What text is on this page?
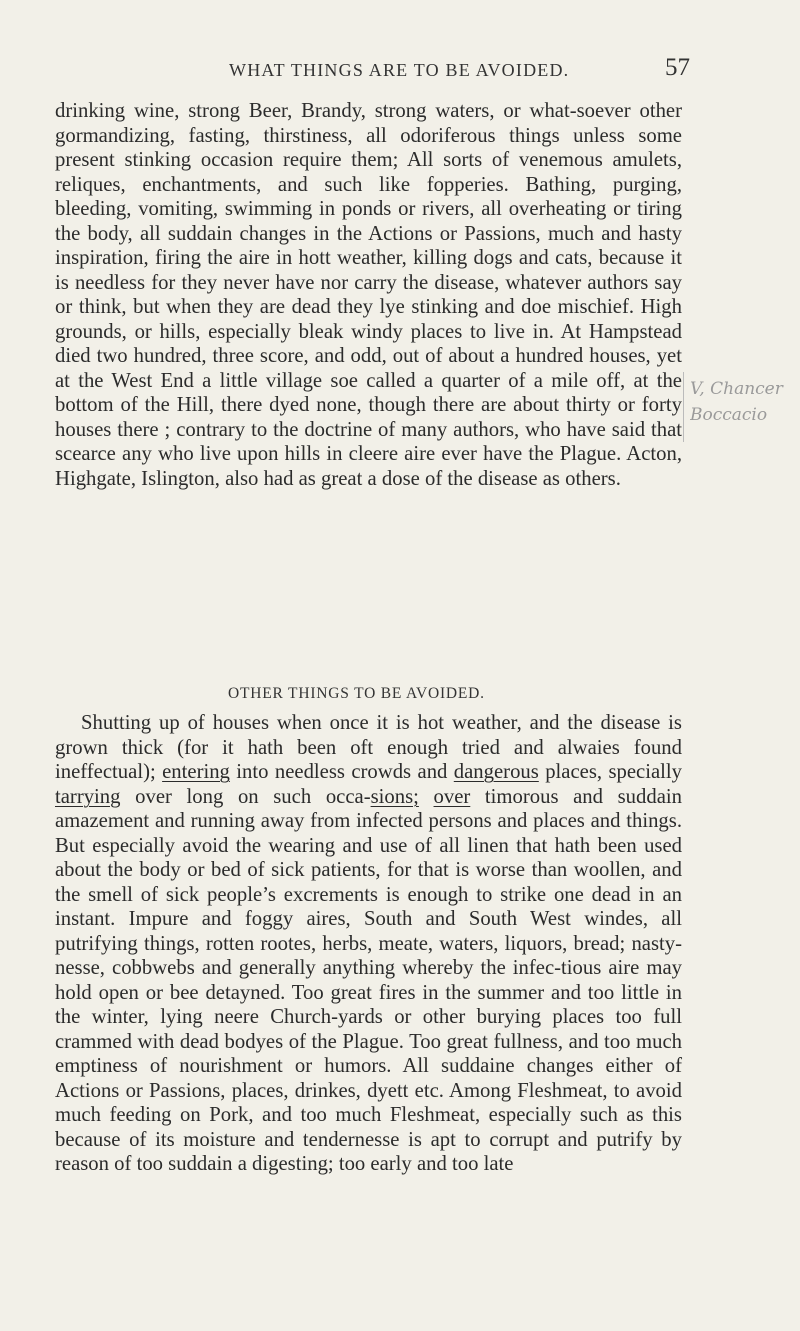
WHAT THINGS ARE TO BE AVOIDED.	57
drinking wine, strong Beer, Brandy, strong waters, or what-soever other gormandizing, fasting, thirstiness, all odoriferous things unless some present stinking occasion require them; All sorts of venemous amulets, reliques, enchantments, and such like fopperies. Bathing, purging, bleeding, vomiting, swimming in ponds or rivers, all overheating or tiring the body, all suddain changes in the Actions or Passions, much and hasty inspiration, firing the aire in hott weather, killing dogs and cats, because it is needless for they never have nor carry the disease, whatever authors say or think, but when they are dead they lye stinking and doe mischief. High grounds, or hills, especially bleak windy places to live in. At Hampstead died two hundred, three score, and odd, out of about a hundred houses, yet at the West End a little village soe called a quarter of a mile off, at the bottom of the Hill, there dyed none, though there are about thirty or forty houses there ; contrary to the doctrine of many authors, who have said that scearce any who live upon hills in cleere aire ever have the Plague. Acton, Highgate, Islington, also had as great a dose of the disease as others.
V, Chancer
Boccacio
OTHER THINGS TO BE AVOIDED.
Shutting up of houses when once it is hot weather, and the disease is grown thick (for it hath been oft enough tried and alwaies found ineffectual); entering into needless crowds and dangerous places, specially tarrying over long on such occa-sions; over timorous and suddain amazement and running away from infected persons and places and things. But especially avoid the wearing and use of all linen that hath been used about the body or bed of sick patients, for that is worse than woollen, and the smell of sick people’s excrements is enough to strike one dead in an instant. Impure and foggy aires, South and South West windes, all putrifying things, rotten rootes, herbs, meate, waters, liquors, bread; nasty-nesse, cobbwebs and generally anything whereby the infec-tious aire may hold open or bee detayned. Too great fires in the summer and too little in the winter, lying neere Church-yards or other burying places too full crammed with dead bodyes of the Plague. Too great fullness, and too much emptiness of nourishment or humors. All suddaine changes either of Actions or Passions, places, drinkes, dyett etc. Among Fleshmeat, to avoid much feeding on Pork, and too much Fleshmeat, especially such as this because of its moisture and tendernesse is apt to corrupt and putrify by reason of too suddain a digesting; too early and too late
